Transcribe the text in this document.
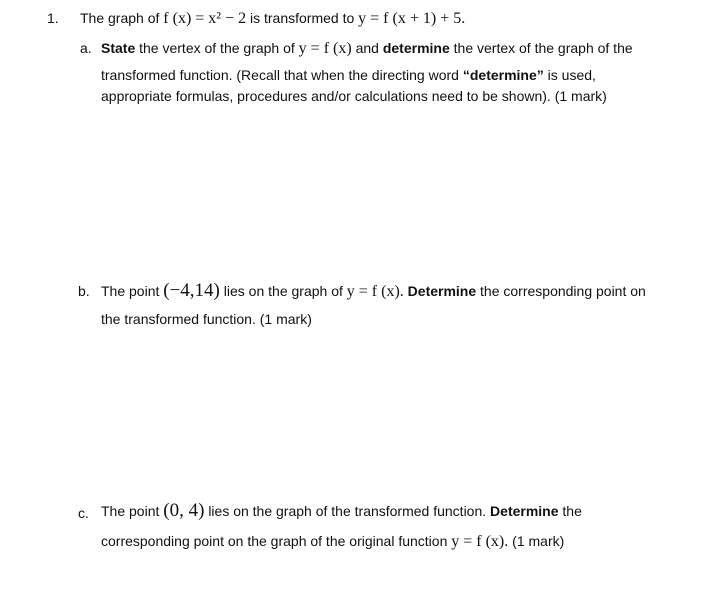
1. The graph of f (x) = x² − 2 is transformed to y = f (x + 1) + 5.
a. State the vertex of the graph of y = f (x) and determine the vertex of the graph of the
transformed function. (Recall that when the directing word “determine” is used,
appropriate formulas, procedures and/or calculations need to be shown). (1 mark)
b. The point (−4,14) lies on the graph of y = f (x). Determine the corresponding point on
the transformed function. (1 mark)
c. The point (0, 4) lies on the graph of the transformed function. Determine the
corresponding point on the graph of the original function y = f (x). (1 mark)
